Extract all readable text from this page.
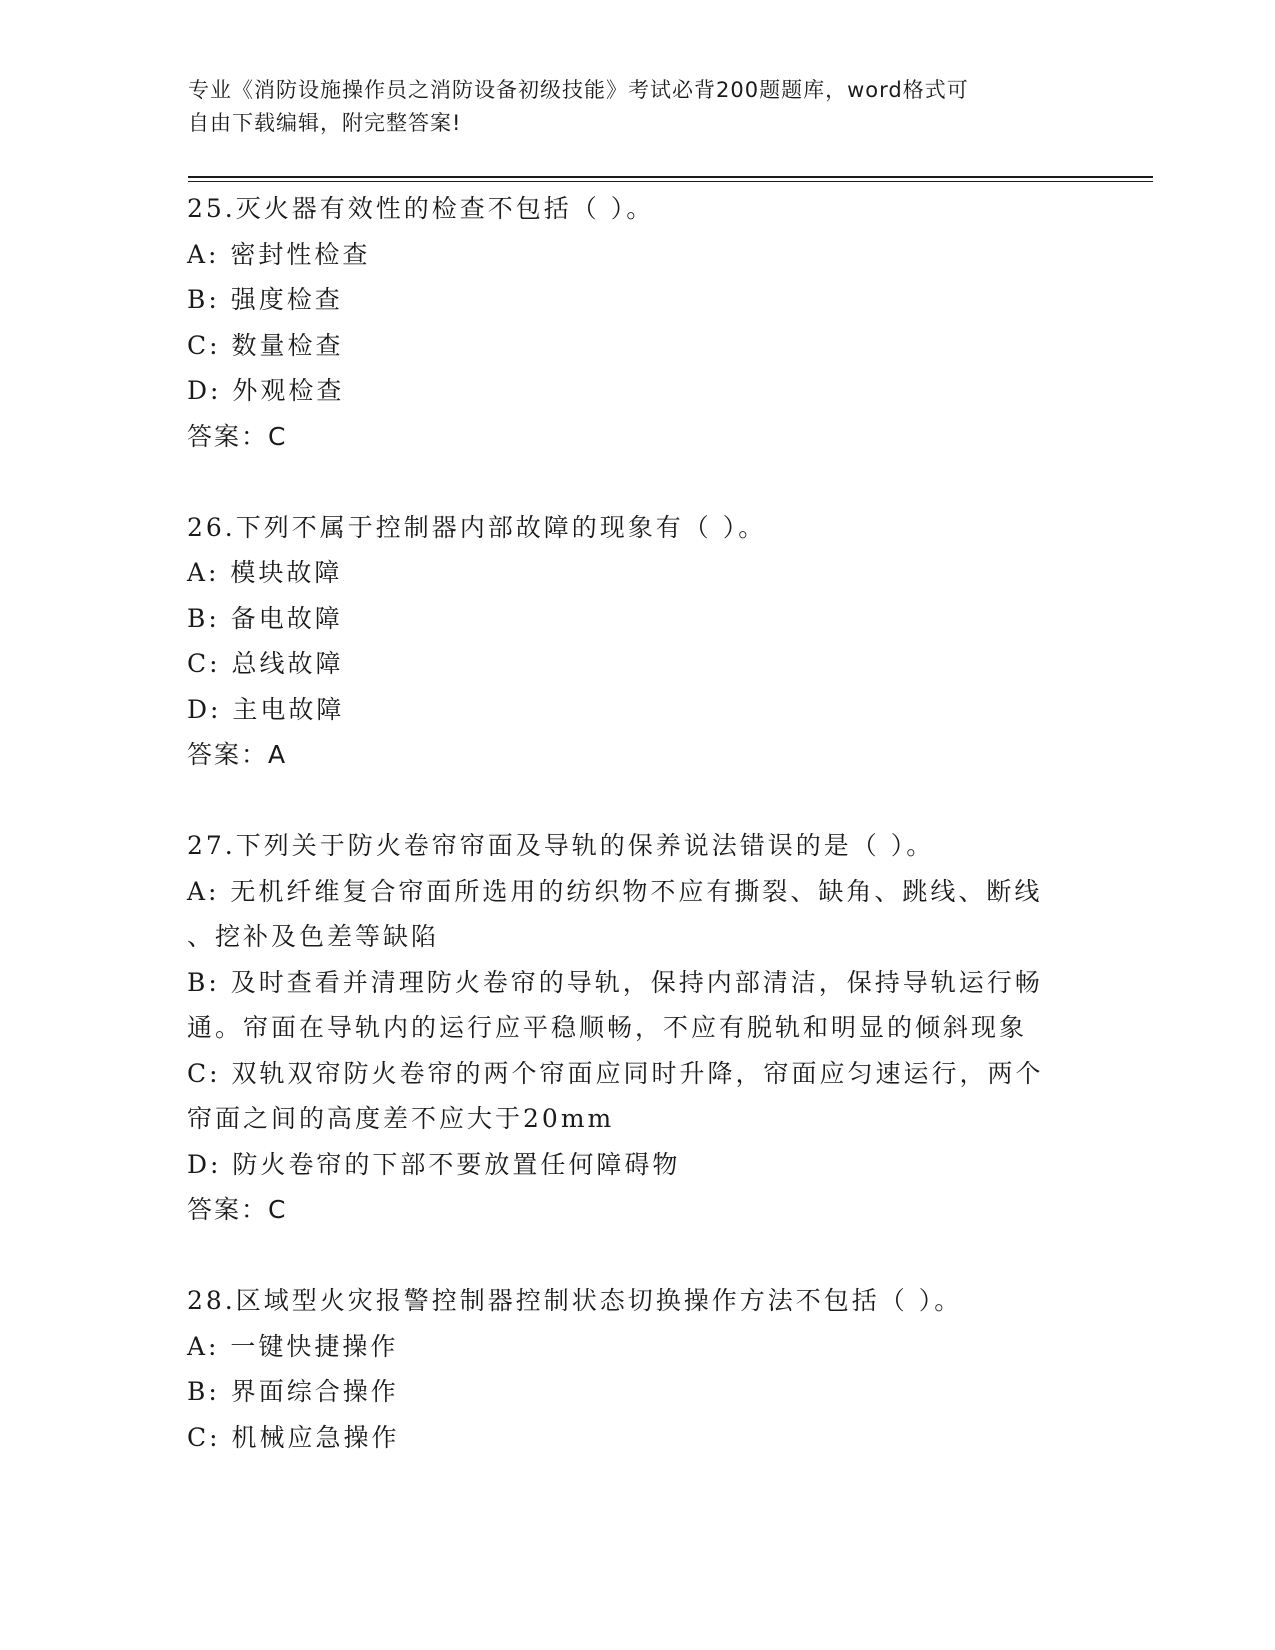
专业《消防设施操作员之消防设备初级技能》考试必背200题题库，word格式可
自由下载编辑，附完整答案!
25.灭火器有效性的检查不包括（ ）。
A: 密封性检查
B: 强度检查
C: 数量检查
D: 外观检查
答案：C
26.下列不属于控制器内部故障的现象有（ ）。
A: 模块故障
B: 备电故障
C: 总线故障
D: 主电故障
答案：A
27.下列关于防火卷帘帘面及导轨的保养说法错误的是（ ）。
A: 无机纤维复合帘面所选用的纺织物不应有撕裂、缺角、跳线、断线
、挖补及色差等缺陷
B: 及时查看并清理防火卷帘的导轨，保持内部清洁，保持导轨运行畅
通。帘面在导轨内的运行应平稳顺畅，不应有脱轨和明显的倾斜现象
C: 双轨双帘防火卷帘的两个帘面应同时升降，帘面应匀速运行，两个
帘面之间的高度差不应大于20mm
D: 防火卷帘的下部不要放置任何障碍物
答案：C
28.区域型火灾报警控制器控制状态切换操作方法不包括（ ）。
A: 一键快捷操作
B: 界面综合操作
C: 机械应急操作
